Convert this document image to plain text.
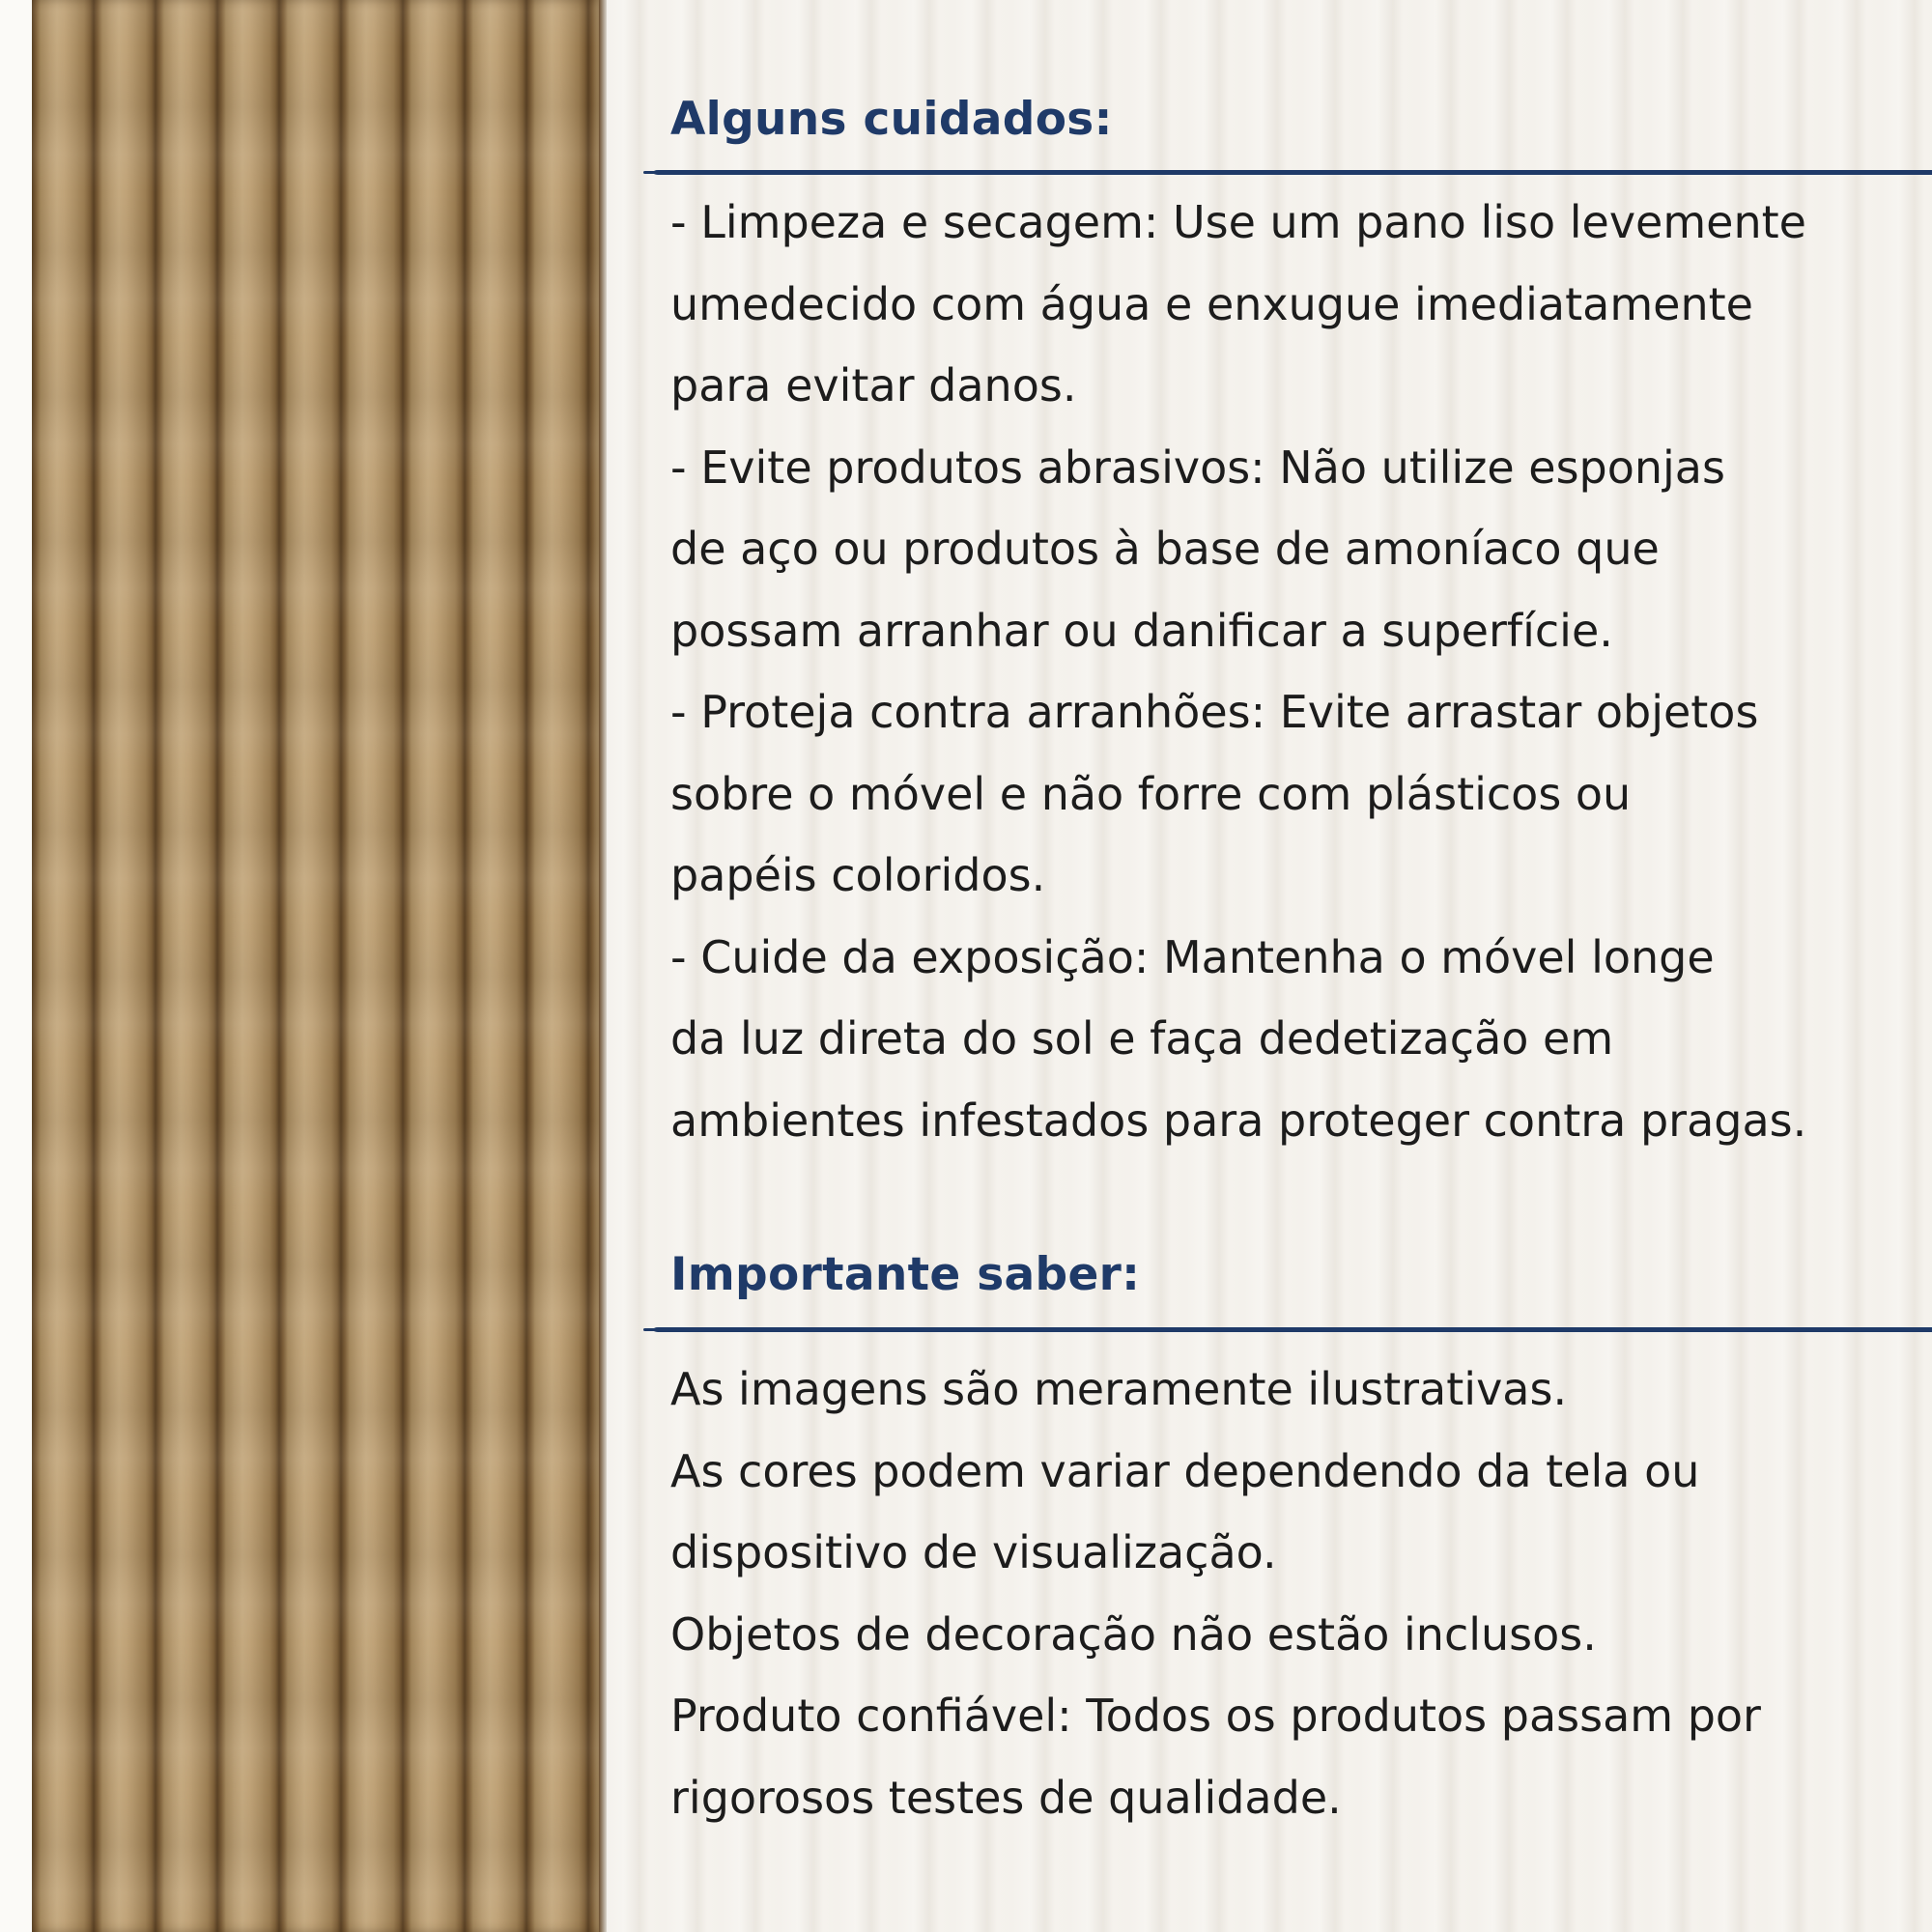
Alguns cuidados:
- Limpeza e secagem: Use um pano liso levemente
umedecido com água e enxugue imediatamente
para evitar danos.
- Evite produtos abrasivos: Não utilize esponjas
de aço ou produtos à base de amoníaco que
possam arranhar ou danificar a superfície.
- Proteja contra arranhões: Evite arrastar objetos
sobre o móvel e não forre com plásticos ou
papéis coloridos.
- Cuide da exposição: Mantenha o móvel longe
da luz direta do sol e faça dedetização em
ambientes infestados para proteger contra pragas.
Importante saber:
As imagens são meramente ilustrativas.
As cores podem variar dependendo da tela ou
dispositivo de visualização.
Objetos de decoração não estão inclusos.
Produto confiável: Todos os produtos passam por
rigorosos testes de qualidade.
